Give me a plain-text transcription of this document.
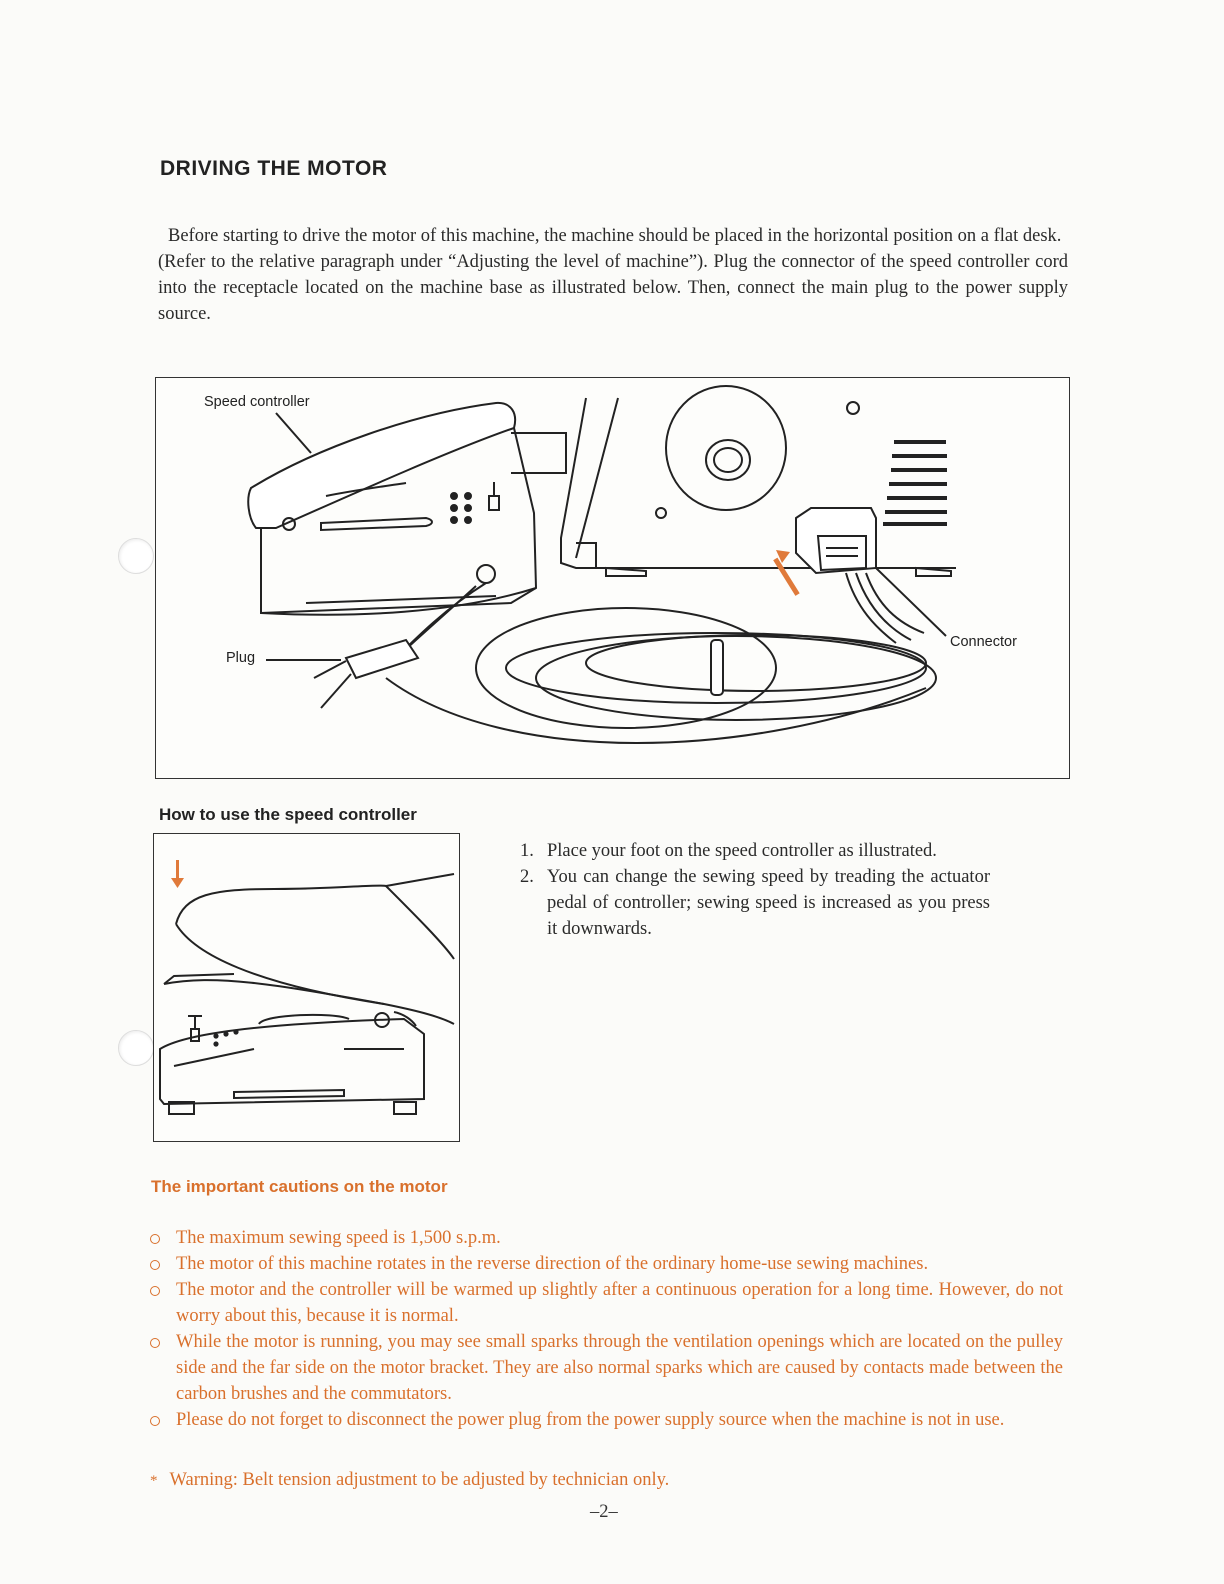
DRIVING THE MOTOR

Before starting to drive the motor of this machine, the machine should be placed in the horizontal position on a flat desk.

(Refer to the relative paragraph under “Adjusting the level of machine”). Plug the connector of the speed controller cord into the receptacle located on the machine base as illustrated below. Then, connect the main plug to the power supply source.

Speed controller
Plug
Connector
How to use the speed controller
1. Place your foot on the speed controller as illustrated.
2. You can change the sewing speed by treading the actuator pedal of controller; sewing speed is increased as you press it downwards.
The important cautions on the motor
The maximum sewing speed is 1,500 s.p.m.
The motor of this machine rotates in the reverse direction of the ordinary home-use sewing machines.
The motor and the controller will be warmed up slightly after a continuous operation for a long time. However, do not worry about this, because it is normal.
While the motor is running, you may see small sparks through the ventilation openings which are located on the pulley side and the far side on the motor bracket. They are also normal sparks which are caused by contacts made between the carbon brushes and the commutators.
Please do not forget to disconnect the power plug from the power supply source when the machine is not in use.
* Warning: Belt tension adjustment to be adjusted by technician only.
–2–
